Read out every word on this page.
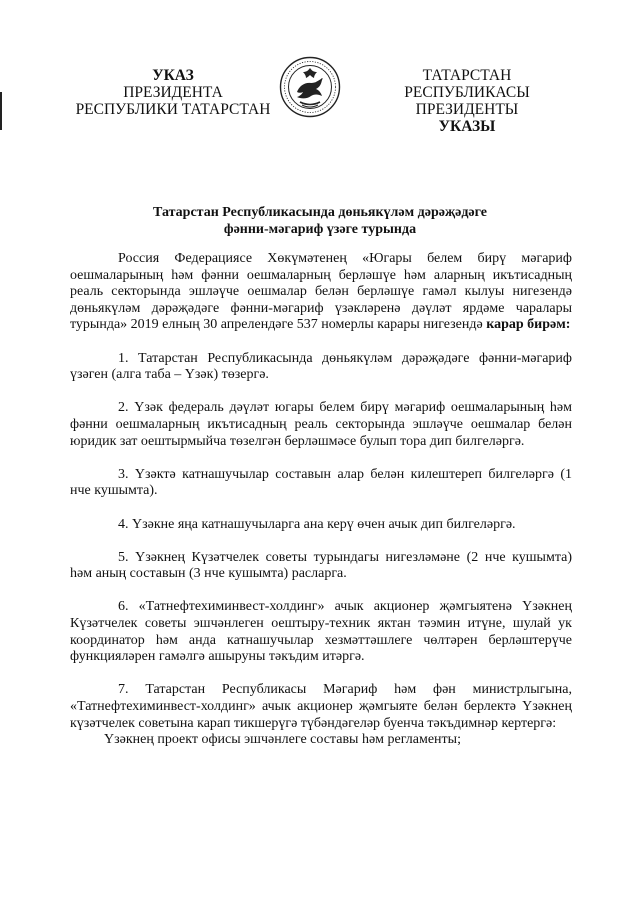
УКАЗ
ПРЕЗИДЕНТА
РЕСПУБЛИКИ ТАТАРСТАН
ТАТАРСТАН РЕСПУБЛИКАСЫ
ПРЕЗИДЕНТЫ
УКАЗЫ
Татарстан Республикасында дөньякүләм дәрәҗәдәге
фәнни-мәгариф үзәге турында

Россия Федерациясе Хөкүмәтенең «Югары белем бирү мәгариф оешмаларының һәм фәнни оешмаларның берләшүе һәм аларның икътисадның реаль секторында эшләүче оешмалар белән берләшүе гамәл кылуы нигезендә дөньякүләм дәрәҗәдәге фәнни-мәгариф үзәкләренә дәүләт ярдәме чаралары турында» 2019 елның 30 апрелендәге 537 номерлы карары нигезендә карар бирәм:

1. Татарстан Республикасында дөньякүләм дәрәҗәдәге фәнни-мәгариф үзәген (алга таба – Үзәк) төзергә.

2. Үзәк федераль дәүләт югары белем бирү мәгариф оешмаларының һәм фәнни оешмаларның икътисадның реаль секторында эшләүче оешмалар белән юридик зат оештырмыйча төзелгән берләшмәсе булып тора дип билгеләргә.

3. Үзәктә катнашучылар составын алар белән килештереп билгеләргә (1 нче кушымта).

4. Үзәкне яңа катнашучыларга ана керү өчен ачык дип билгеләргә.

5. Үзәкнең Күзәтчелек советы турындагы нигезләмәне (2 нче кушымта) һәм аның составын (3 нче кушымта) расларга.

6. «Татнефтехиминвест-холдинг» ачык акционер җәмгыятенә Үзәкнең Күзәтчелек советы эшчәнлеген оештыру-техник яктан тәэмин итүне, шулай ук координатор һәм анда катнашучылар хезмәттәшлеге чөлтәрен берләштерүче функцияләрен гамәлгә ашыруны тәкъдим итәргә.

7. Татарстан Республикасы Мәгариф һәм фән министрлыгына, «Татнефтехиминвест-холдинг» ачык акционер җәмгыяте белән берлектә Үзәкнең күзәтчелек советына карап тикшерүгә түбәндәгеләр буенча тәкъдимнәр кертергә:

Үзәкнең проект офисы эшчәнлеге составы һәм регламенты;
